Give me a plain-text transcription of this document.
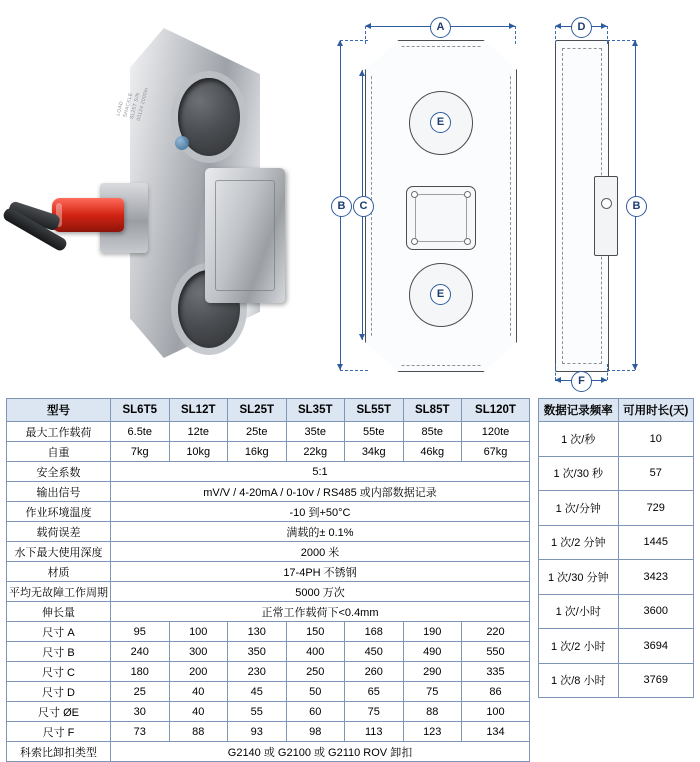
LOAD SHACKLE SL25T S/N 00124 2000m
A	D
B	C	B
F
E
E
型号	SL6T5	SL12T	SL25T	SL35T	SL55T	SL85T	SL120T
最大工作载荷	6.5te	12te	25te	35te	55te	85te	120te
自重	7kg	10kg	16kg	22kg	34kg	46kg	67kg
安全系数	5:1						
输出信号	mV/V / 4-20mA / 0-10v / RS485 或内部数据记录						
作业环境温度	-10 到+50°C						
载荷误差	满载的± 0.1%						
水下最大使用深度	2000 米						
材质	17-4PH 不锈钢						
平均无故障工作周期	5000 万次						
伸长量	正常工作载荷下<0.4mm						
尺寸 A	95	100	130	150	168	190	220
尺寸 B	240	300	350	400	450	490	550
尺寸 C	180	200	230	250	260	290	335
尺寸 D	25	40	45	50	65	75	86
尺寸 ØE	30	40	55	60	75	88	100
尺寸 F	73	88	93	98	113	123	134
科索比卸扣类型	G2140 或 G2100 或 G2110 ROV 卸扣						
数据记录频率	可用时长(天)
1 次/秒	10
1 次/30 秒	57
1 次/分钟	729
1 次/2 分钟	1445
1 次/30 分钟	3423
1 次/小时	3600
1 次/2 小时	3694
1 次/8 小时	3769
